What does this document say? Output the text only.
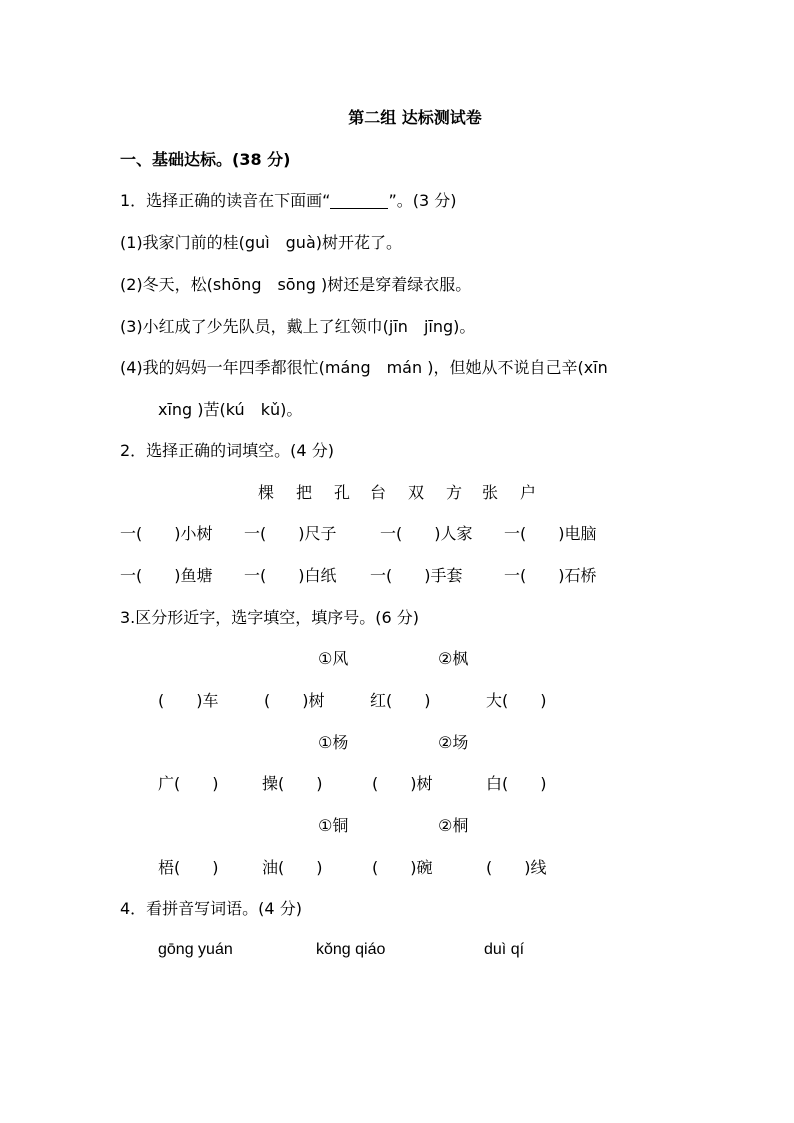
第二组 达标测试卷
一、基础达标。(38 分)
1．选择正确的读音在下面画“	”。(3 分)
(1)我家门前的桂(guì　guà)树开花了。
(2)冬天，松(shōng　sōng )树还是穿着绿衣服。
(3)小红成了少先队员，戴上了红领巾(jīn　jīng)。
(4)我的妈妈一年四季都很忙(máng　mán )，但她从不说自己辛(xīn
xīng )苦(kú　kǔ)。
2．选择正确的词填空。(4 分)
棵 把 孔 台 双 方 张 户
一(　　)小树 一(　　)尺子	一(　　)人家 一(　　)电脑
一(　　)鱼塘 一(　　)白纸 一(　　)手套	一(　　)石桥
3.区分形近字，选字填空，填序号。(6 分)
①风	②枫
(　　)车	(　　)树	红(　　)	大(　　)
①杨	②场
广(　　)	操(　　)	(　　)树	白(　　)
①铜	②桐
梧(　　)	油(　　)	(　　)碗	(　　)线
4．看拼音写词语。(4 分)
gōng yuán	kǒng qiáo	duì qí
